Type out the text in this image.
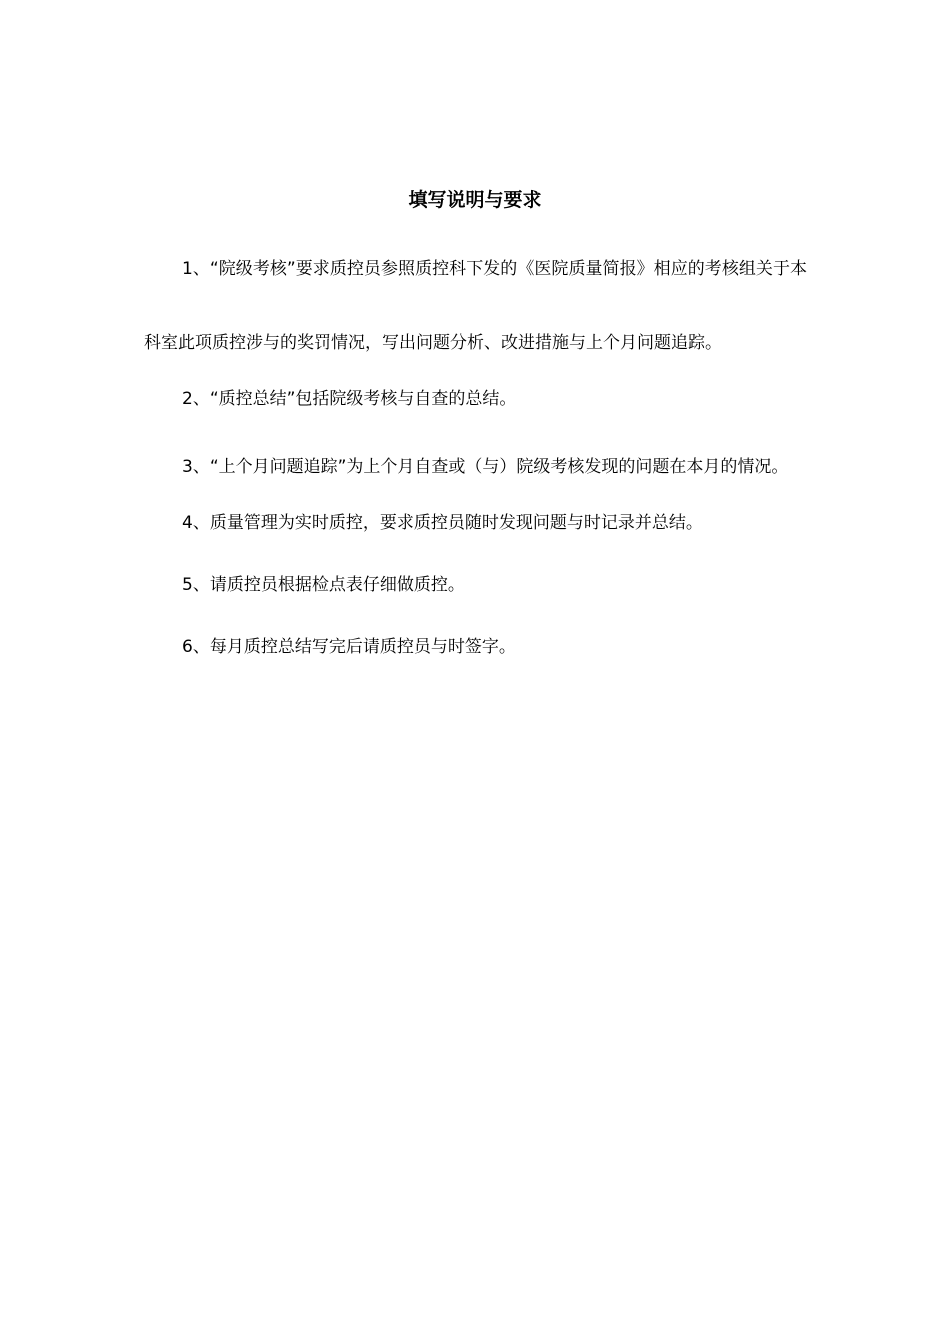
填写说明与要求

1、“院级考核”要求质控员参照质控科下发的《医院质量简报》相应的考核组关于本科室此项质控涉与的奖罚情况，写出问题分析、改进措施与上个月问题追踪。

2、“质控总结”包括院级考核与自查的总结。

3、“上个月问题追踪”为上个月自查或（与）院级考核发现的问题在本月的情况。

4、质量管理为实时质控，要求质控员随时发现问题与时记录并总结。

5、请质控员根据检点表仔细做质控。

6、每月质控总结写完后请质控员与时签字。
